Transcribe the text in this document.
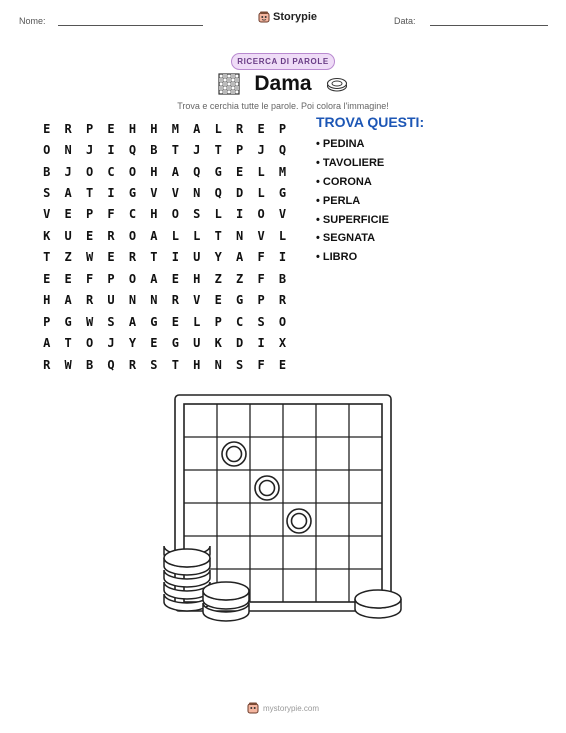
Nome:	Storypie	Data:
RICERCA DI PAROLE
Dama
Trova e cerchia tutte le parole. Poi colora l'immagine!
E	R	P	E	H	H	M	A	L	R	E	P
O	N	J	I	Q	B	T	J	T	P	J	Q
B	J	O	C	O	H	A	Q	G	E	L	M
S	A	T	I	G	V	V	N	Q	D	L	G
V	E	P	F	C	H	O	S	L	I	O	V
K	U	E	R	O	A	L	L	T	N	V	L
T	Z	W	E	R	T	I	U	Y	A	F	I
E	E	F	P	O	A	E	H	Z	Z	F	B
H	A	R	U	N	N	R	V	E	G	P	R
P	G	W	S	A	G	E	L	P	C	S	O
A	T	O	J	Y	E	G	U	K	D	I	X
R	W	B	Q	R	S	T	H	N	S	F	E
TROVA QUESTI:
• PEDINA
• TAVOLIERE
• CORONA
• PERLA
• SUPERFICIE
• SEGNATA
• LIBRO
mystorypie.com
